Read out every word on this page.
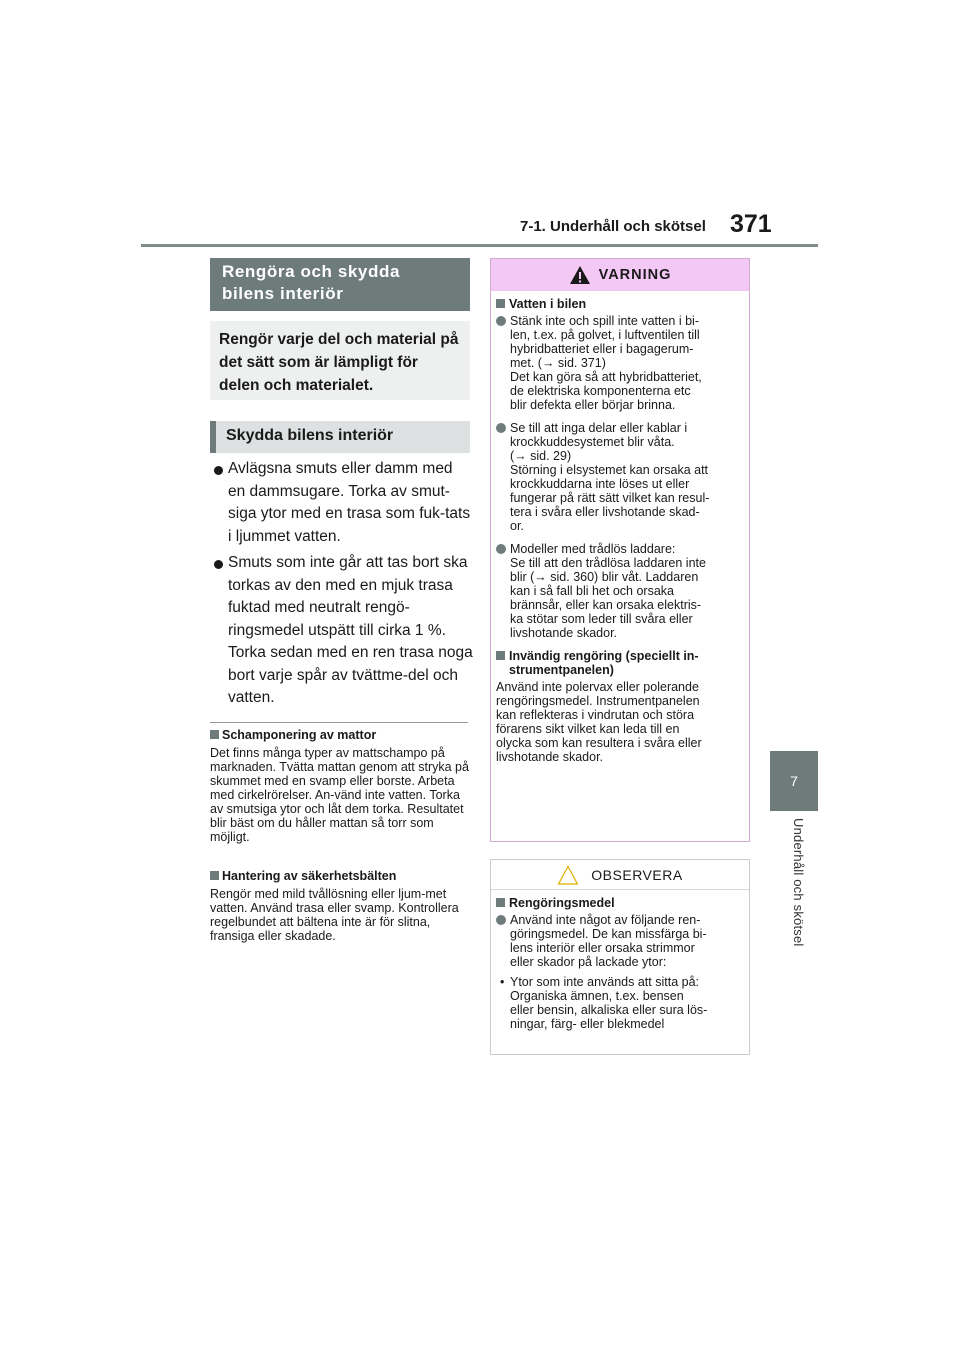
7-1. Underhåll och skötsel 371
7
Underhåll och skötsel
Rengöra och skydda bilens interiör
Rengör varje del och material på det sätt som är lämpligt för delen och materialet.
Skydda bilens interiör
Avlägsna smuts eller damm med en dammsugare. Torka av smut-siga ytor med en trasa som fuk-tats i ljummet vatten.
Smuts som inte går att tas bort ska torkas av den med en mjuk trasa fuktad med neutralt rengö-ringsmedel utspätt till cirka 1 %. Torka sedan med en ren trasa noga bort varje spår av tvättme-del och vatten.
Schamponering av mattor
Det finns många typer av mattschampo på marknaden. Tvätta mattan genom att stryka på skummet med en svamp eller borste. Arbeta med cirkelrörelser. An-vänd inte vatten. Torka av smutsiga ytor och låt dem torka. Resultatet blir bäst om du håller mattan så torr som möjligt.
Hantering av säkerhetsbälten
Rengör med mild tvållösning eller ljum-met vatten. Använd trasa eller svamp. Kontrollera regelbundet att bältena inte är för slitna, fransiga eller skadade.
VARNING
Vatten i bilen
Stänk inte och spill inte vatten i bi-
len, t.ex. på golvet, i luftventilen till
hybridbatteriet eller i bagagerum-
met. (→ sid. 371)
Det kan göra så att hybridbatteriet,
de elektriska komponenterna etc
blir defekta eller börjar brinna.
Se till att inga delar eller kablar i
krockkuddesystemet blir våta.
(→ sid. 29)
Störning i elsystemet kan orsaka att
krockkuddarna inte löses ut eller
fungerar på rätt sätt vilket kan resul-
tera i svåra eller livshotande skad-
or.
Modeller med trådlös laddare:
Se till att den trådlösa laddaren inte
blir (→ sid. 360) blir våt. Laddaren
kan i så fall bli het och orsaka
brännsår, eller kan orsaka elektris-
ka stötar som leder till svåra eller
livshotande skador.
Invändig rengöring (speciellt in-strumentpanelen)
Använd inte polervax eller polerande
rengöringsmedel. Instrumentpanelen
kan reflekteras i vindrutan och störa
förarens sikt vilket kan leda till en
olycka som kan resultera i svåra eller
livshotande skador.
OBSERVERA
Rengöringsmedel
Använd inte något av följande ren-
göringsmedel. De kan missfärga bi-
lens interiör eller orsaka strimmor
eller skador på lackade ytor:
• Ytor som inte används att sitta på:
Organiska ämnen, t.ex. bensen
eller bensin, alkaliska eller sura lös-
ningar, färg- eller blekmedel
